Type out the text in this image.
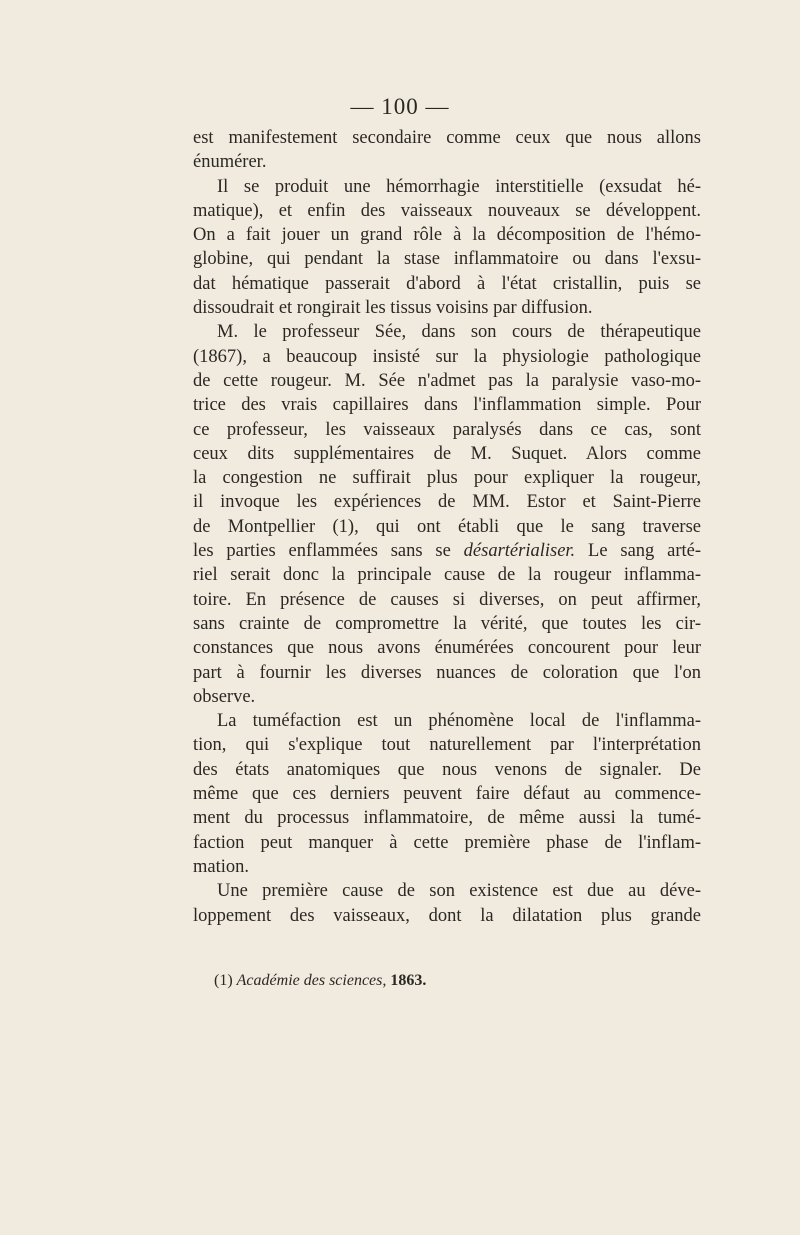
— 100 —
est manifestement secondaire comme ceux que nous allons
énumérer.
Il se produit une hémorrhagie interstitielle (exsudat hé-
matique), et enfin des vaisseaux nouveaux se développent.
On a fait jouer un grand rôle à la décomposition de l'hémo-
globine, qui pendant la stase inflammatoire ou dans l'exsu-
dat hématique passerait d'abord à l'état cristallin, puis se
dissoudrait et rongirait les tissus voisins par diffusion.
M. le professeur Sée, dans son cours de thérapeutique
(1867), a beaucoup insisté sur la physiologie pathologique
de cette rougeur. M. Sée n'admet pas la paralysie vaso-mo-
trice des vrais capillaires dans l'inflammation simple. Pour
ce professeur, les vaisseaux paralysés dans ce cas, sont
ceux dits supplémentaires de M. Suquet. Alors comme
la congestion ne suffirait plus pour expliquer la rougeur,
il invoque les expériences de MM. Estor et Saint-Pierre
de Montpellier (1), qui ont établi que le sang traverse
les parties enflammées sans se désartérialiser. Le sang arté-
riel serait donc la principale cause de la rougeur inflamma-
toire. En présence de causes si diverses, on peut affirmer,
sans crainte de compromettre la vérité, que toutes les cir-
constances que nous avons énumérées concourent pour leur
part à fournir les diverses nuances de coloration que l'on
observe.
La tuméfaction est un phénomène local de l'inflamma-
tion, qui s'explique tout naturellement par l'interprétation
des états anatomiques que nous venons de signaler. De
même que ces derniers peuvent faire défaut au commence-
ment du processus inflammatoire, de même aussi la tumé-
faction peut manquer à cette première phase de l'inflam-
mation.
Une première cause de son existence est due au déve-
loppement des vaisseaux, dont la dilatation plus grande
(1) Académie des sciences, 1863.
